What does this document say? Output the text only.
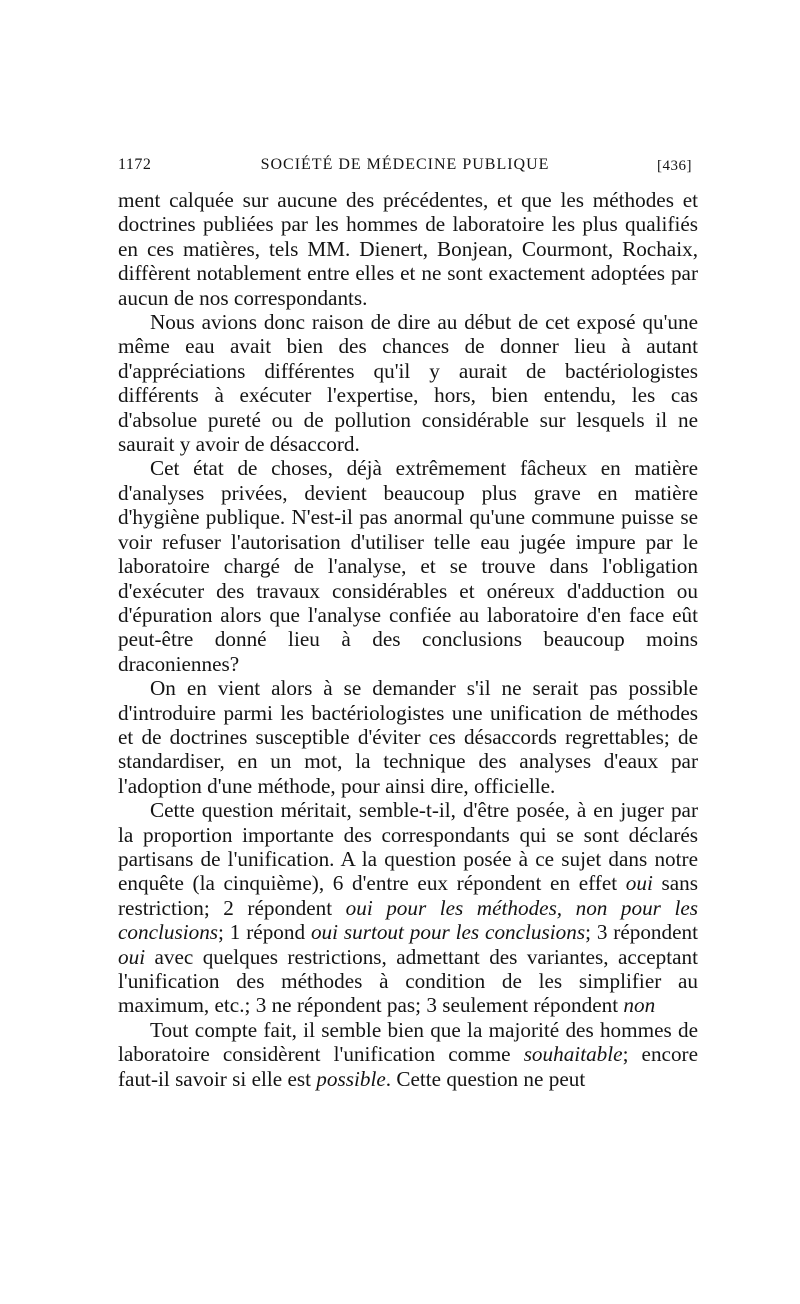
1172	SOCIÉTÉ DE MÉDECINE PUBLIQUE	[436]

ment calquée sur aucune des précédentes, et que les méthodes et doctrines publiées par les hommes de laboratoire les plus qualifiés en ces matières, tels MM. Dienert, Bonjean, Courmont, Rochaix, diffèrent notablement entre elles et ne sont exactement adoptées par aucun de nos correspondants.

Nous avions donc raison de dire au début de cet exposé qu'une même eau avait bien des chances de donner lieu à autant d'appréciations différentes qu'il y aurait de bactériologistes différents à exécuter l'expertise, hors, bien entendu, les cas d'absolue pureté ou de pollution considérable sur lesquels il ne saurait y avoir de désaccord.

Cet état de choses, déjà extrêmement fâcheux en matière d'analyses privées, devient beaucoup plus grave en matière d'hygiène publique. N'est-il pas anormal qu'une commune puisse se voir refuser l'autorisation d'utiliser telle eau jugée impure par le laboratoire chargé de l'analyse, et se trouve dans l'obligation d'exécuter des travaux considérables et onéreux d'adduction ou d'épuration alors que l'analyse confiée au laboratoire d'en face eût peut-être donné lieu à des conclusions beaucoup moins draconiennes?

On en vient alors à se demander s'il ne serait pas possible d'introduire parmi les bactériologistes une unification de méthodes et de doctrines susceptible d'éviter ces désaccords regrettables; de standardiser, en un mot, la technique des analyses d'eaux par l'adoption d'une méthode, pour ainsi dire, officielle.

Cette question méritait, semble-t-il, d'être posée, à en juger par la proportion importante des correspondants qui se sont déclarés partisans de l'unification. A la question posée à ce sujet dans notre enquête (la cinquième), 6 d'entre eux répondent en effet oui sans restriction; 2 répondent oui pour les méthodes, non pour les conclusions; 1 répond oui surtout pour les conclusions; 3 répondent oui avec quelques restrictions, admettant des variantes, acceptant l'unification des méthodes à condition de les simplifier au maximum, etc.; 3 ne répondent pas; 3 seulement répondent non

Tout compte fait, il semble bien que la majorité des hommes de laboratoire considèrent l'unification comme souhaitable; encore faut-il savoir si elle est possible. Cette question ne peut
